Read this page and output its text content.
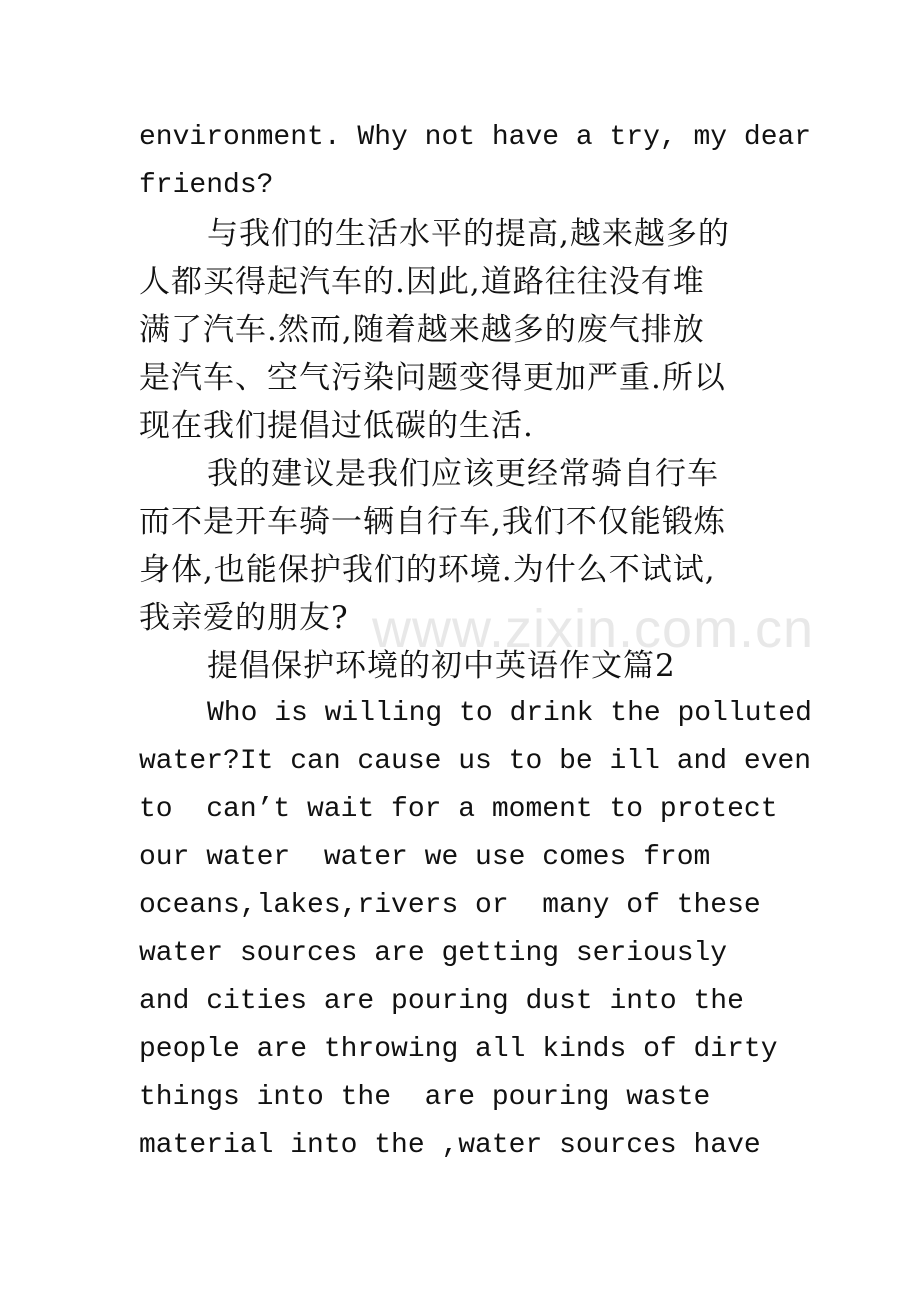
environment. Why not have a try, my dear
friends?
与我们的生活水平的提高,越来越多的
人都买得起汽车的.因此,道路往往没有堆
满了汽车.然而,随着越来越多的废气排放
是汽车、空气污染问题变得更加严重.所以
现在我们提倡过低碳的生活.
我的建议是我们应该更经常骑自行车
而不是开车骑一辆自行车,我们不仅能锻炼
身体,也能保护我们的环境.为什么不试试,
我亲爱的朋友?
提倡保护环境的初中英语作文篇2
Who is willing to drink the polluted
water?It can cause us to be ill and even
to  can’t wait for a moment to protect
our water  water we use comes from
oceans,lakes,rivers or  many of these
water sources are getting seriously
and cities are pouring dust into the
people are throwing all kinds of dirty
things into the  are pouring waste
material into the ,water sources have
www.zixin.com.cn
